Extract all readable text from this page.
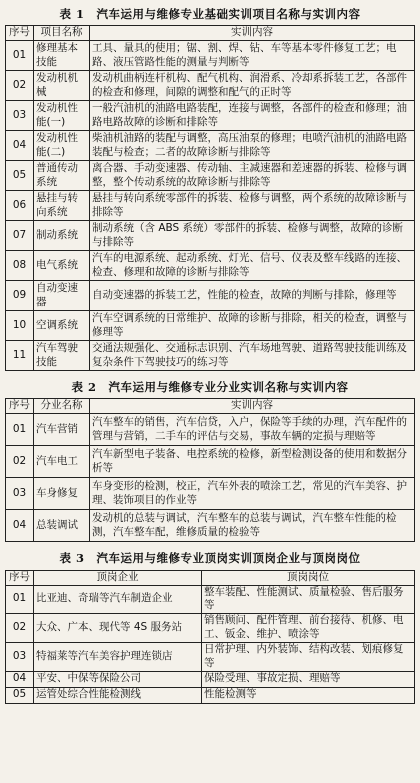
表 1 汽车运用与维修专业基础实训项目名称与实训内容
序号	项目名称	实训内容
01	修理基本技能	工具、量具的使用；锯、割、焊、钻、车等基本零件修复工艺；电路、液压管路性能的测量与判断等
02	发动机机械	发动机曲柄连杆机构、配气机构、润滑系、冷却系拆装工艺，各部件的检查和修理，间隙的调整和配气的正时等
03	发动机性能(一)	一般汽油机的油路电路装配，连接与调整，各部件的检查和修理；油路电路故障的诊断和排除等
04	发动机性能(二)	柴油机油路的装配与调整，高压油泵的修理；电喷汽油机的油路电路装配与检查；二者的故障诊断与排除等
05	普通传动系统	离合器、手动变速器、传动轴、主减速器和差速器的拆装、检修与调整，整个传动系统的故障诊断与排除等
06	悬挂与转向系统	悬挂与转向系统零部件的拆装、检修与调整，两个系统的故障诊断与排除等
07	制动系统	制动系统（含 ABS 系统）零部件的拆装、检修与调整，故障的诊断与排除等
08	电气系统	汽车的电源系统、起动系统、灯光、信号、仪表及整车线路的连接、检查、修理和故障的诊断与排除等
09	自动变速器	自动变速器的拆装工艺，性能的检查，故障的判断与排除，修理等
10	空调系统	汽车空调系统的日常维护、故障的诊断与排除，相关的检查，调整与修理等
11	汽车驾驶技能	交通法规强化、交通标志识别、汽车场地驾驶、道路驾驶技能训练及复杂条件下驾驶技巧的练习等
表 2 汽车运用与维修专业分业实训名称与实训内容
序号	分业名称	实训内容
01	汽车营销	汽车整车的销售，汽车信贷，入户，保险等手续的办理，汽车配件的管理与营销，二手车的评估与交易，事故车辆的定损与理赔等
02	汽车电工	汽车新型电子装备、电控系统的检修，新型检测设备的使用和数据分析等
03	车身修复	车身变形的检测，校正，汽车外表的喷涂工艺，常见的汽车美容、护理、装饰项目的作业等
04	总装调试	发动机的总装与调试，汽车整车的总装与调试，汽车整车性能的检测，汽车整车配，维修质量的检验等
表 3 汽车运用与维修专业顶岗实训顶岗企业与顶岗岗位
序号	顶岗企业	顶岗岗位
01	比亚迪、奇瑞等汽车制造企业	整车装配、性能测试、质量检验、售后服务等
02	大众、广本、现代等 4S 服务站	销售顾问、配件管理、前台接待、机修、电工、钣金、维护、喷涂等
03	特福莱等汽车美容护理连锁店	日常护理、内外装饰、结构改装、划痕修复等
04	平安、中保等保险公司	保险受理、事故定损、理赔等
05	运管处综合性能检测线	性能检测等
